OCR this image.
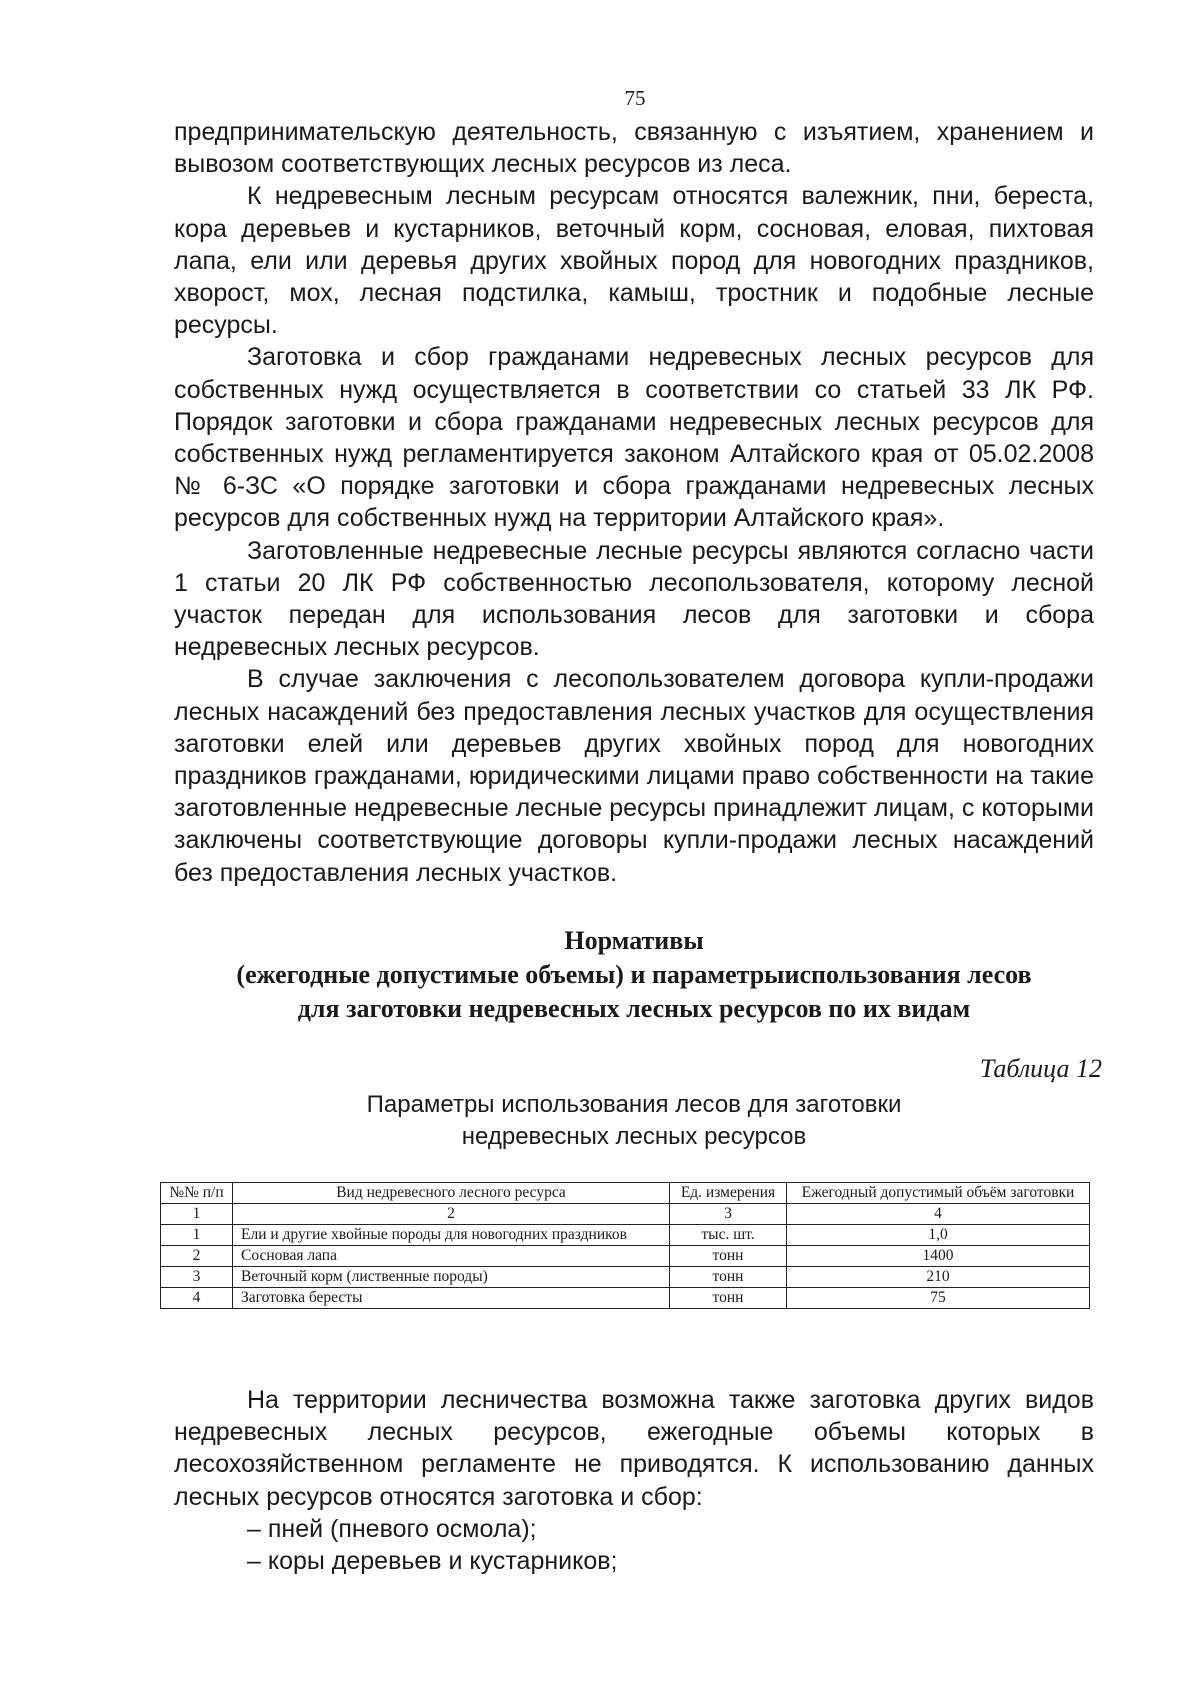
75

предпринимательскую деятельность, связанную с изъятием, хранением и вывозом соответствующих лесных ресурсов из леса.

К недревесным лесным ресурсам относятся валежник, пни, береста, кора деревьев и кустарников, веточный корм, сосновая, еловая, пихтовая лапа, ели или деревья других хвойных пород для новогодних праздников, хворост, мох, лесная подстилка, камыш, тростник и подобные лесные ресурсы.

Заготовка и сбор гражданами недревесных лесных ресурсов для собственных нужд осуществляется в соответствии со статьей 33 ЛК РФ. Порядок заготовки и сбора гражданами недревесных лесных ресурсов для собственных нужд регламентируется законом Алтайского края от 05.02.2008 № 6-ЗС «О порядке заготовки и сбора гражданами недревесных лесных ресурсов для собственных нужд на территории Алтайского края».

Заготовленные недревесные лесные ресурсы являются согласно части 1 статьи 20 ЛК РФ собственностью лесопользователя, которому лесной участок передан для использования лесов для заготовки и сбора недревесных лесных ресурсов.

В случае заключения с лесопользователем договора купли-продажи лесных насаждений без предоставления лесных участков для осуществления заготовки елей или деревьев других хвойных пород для новогодних праздников гражданами, юридическими лицами право собственности на такие заготовленные недревесные лесные ресурсы принадлежит лицам, с которыми заключены соответствующие договоры купли-продажи лесных насаждений без предоставления лесных участков.

Нормативы
(ежегодные допустимые объемы) и параметрыиспользования лесов
для заготовки недревесных лесных ресурсов по их видам
Таблица 12
Параметры использования лесов для заготовки
недревесных лесных ресурсов
№№ п/п	Вид недревесного лесного ресурса	Ед. измерения	Ежегодный допустимый объём заготовки
1	2	3	4
1	Ели и другие хвойные породы для новогодних праздников	тыс. шт.	1,0
2	Сосновая лапа	тонн	1400
3	Веточный корм (лиственные породы)	тонн	210
4	Заготовка бересты	тонн	75

На территории лесничества возможна также заготовка других видов недревесных лесных ресурсов, ежегодные объемы которых в лесохозяйственном регламенте не приводятся. К использованию данных лесных ресурсов относятся заготовка и сбор:

– пней (пневого осмола);

– коры деревьев и кустарников;
